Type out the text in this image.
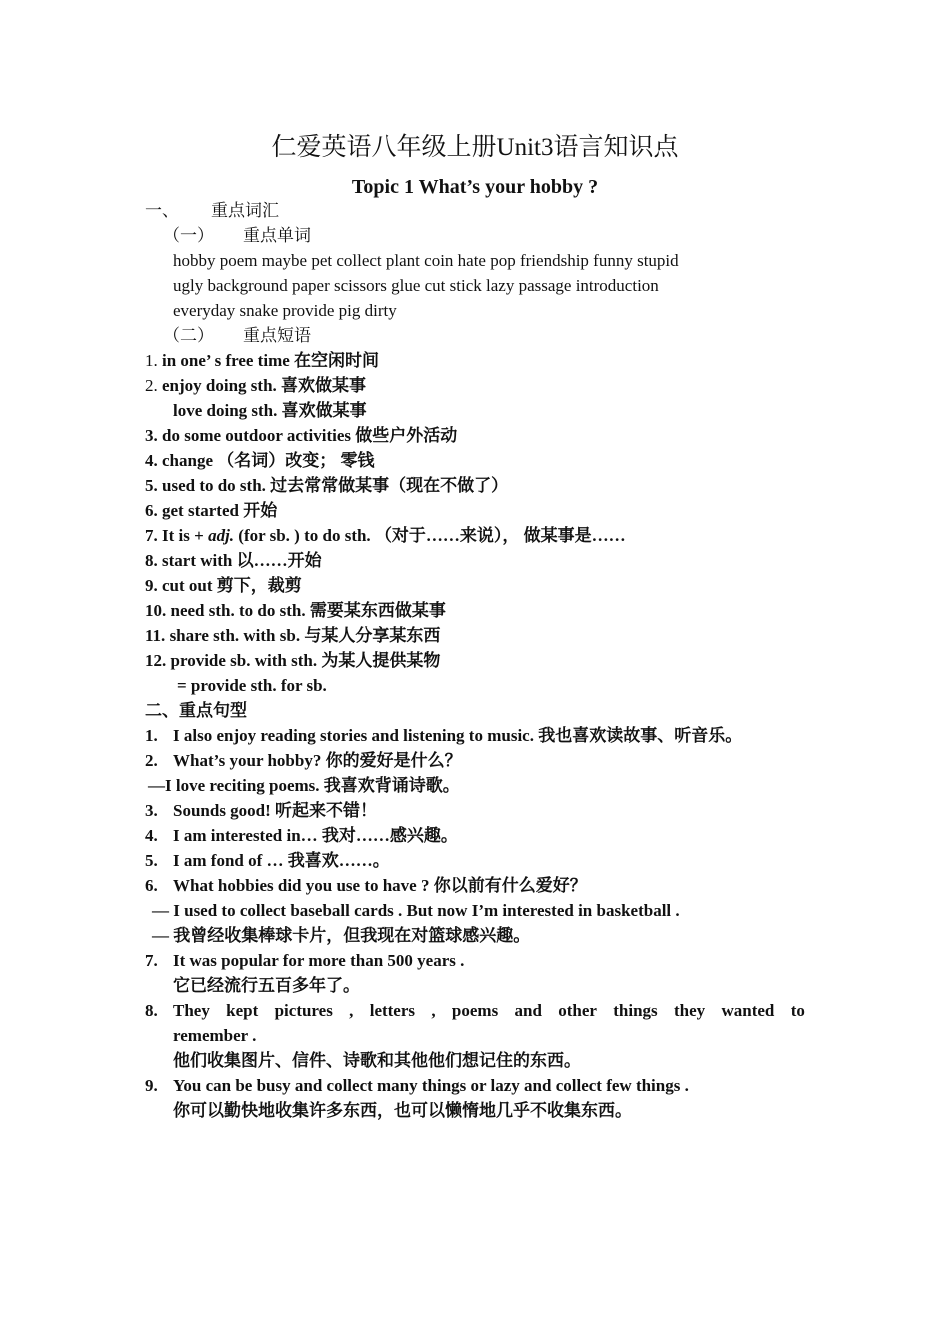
仁爱英语八年级上册Unit3语言知识点
Topic 1 What’s your hobby ?
一、 重点词汇
（一） 重点单词
hobby poem maybe pet collect plant coin hate pop friendship funny stupid
ugly background paper scissors glue cut stick lazy passage introduction
everyday snake provide pig dirty
（二） 重点短语
1. in one’ s free time 在空闲时间
2. enjoy doing sth. 喜欢做某事
love doing sth. 喜欢做某事
3. do some outdoor activities 做些户外活动
4. change （名词）改变； 零钱
5. used to do sth. 过去常常做某事（现在不做了）
6. get started 开始
7. It is + adj. (for sb. ) to do sth. （对于……来说）， 做某事是……
8. start with 以……开始
9. cut out 剪下，裁剪
10. need sth. to do sth. 需要某东西做某事
11. share sth. with sb. 与某人分享某东西
12. provide sb. with sth. 为某人提供某物
= provide sth. for sb.
二、重点句型
1. I also enjoy reading stories and listening to music. 我也喜欢读故事、听音乐。
2. What’s your hobby? 你的爱好是什么？
—I love reciting poems. 我喜欢背诵诗歌。
3. Sounds good! 听起来不错！
4. I am interested in… 我对……感兴趣。
5. I am fond of … 我喜欢……。
6. What hobbies did you use to have ? 你以前有什么爱好？
— I used to collect baseball cards . But now I’m interested in basketball .
— 我曾经收集棒球卡片，但我现在对篮球感兴趣。
7. It was popular for more than 500 years .
它已经流行五百多年了。
8. They kept pictures , letters , poems and other things they wanted to
remember .
他们收集图片、信件、诗歌和其他他们想记住的东西。
9. You can be busy and collect many things or lazy and collect few things .
你可以勤快地收集许多东西，也可以懒惰地几乎不收集东西。
